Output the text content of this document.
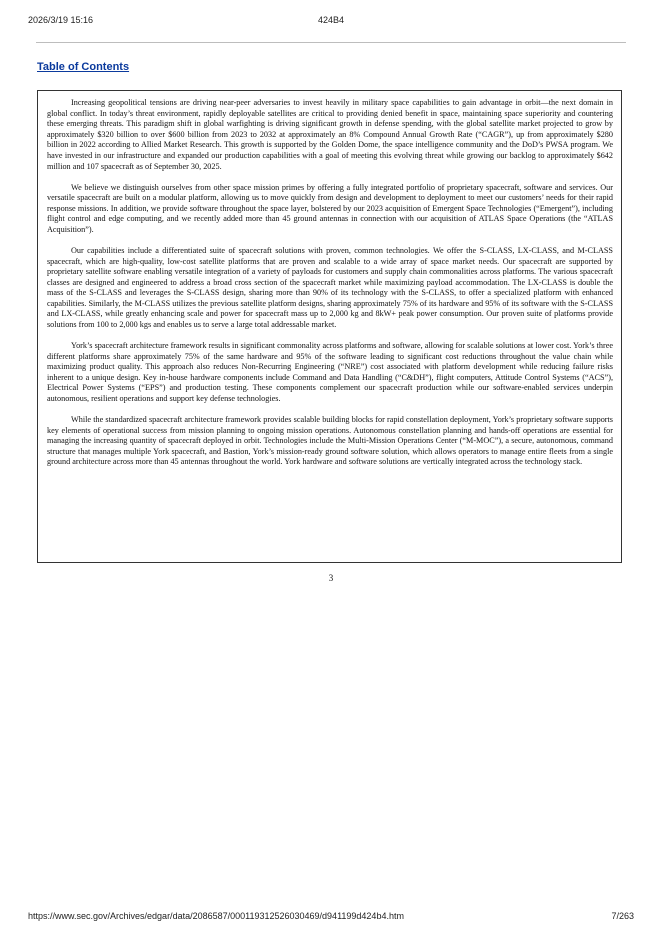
2026/3/19 15:16	424B4
Table of Contents

Increasing geopolitical tensions are driving near-peer adversaries to invest heavily in military space capabilities to gain advantage in orbit—the next domain in global conflict. In today’s threat environment, rapidly deployable satellites are critical to providing denied benefit in space, maintaining space superiority and countering these emerging threats. This paradigm shift in global warfighting is driving significant growth in defense spending, with the global satellite market projected to grow by approximately $320 billion to over $600 billion from 2023 to 2032 at approximately an 8% Compound Annual Growth Rate (“CAGR”), up from approximately $280 billion in 2022 according to Allied Market Research. This growth is supported by the Golden Dome, the space intelligence community and the DoD’s PWSA program. We have invested in our infrastructure and expanded our production capabilities with a goal of meeting this evolving threat while growing our backlog to approximately $642 million and 107 spacecraft as of September 30, 2025.

We believe we distinguish ourselves from other space mission primes by offering a fully integrated portfolio of proprietary spacecraft, software and services. Our versatile spacecraft are built on a modular platform, allowing us to move quickly from design and development to deployment to meet our customers’ needs for their rapid response missions. In addition, we provide software throughout the space layer, bolstered by our 2023 acquisition of Emergent Space Technologies (“Emergent”), including flight control and edge computing, and we recently added more than 45 ground antennas in connection with our acquisition of ATLAS Space Operations (the “ATLAS Acquisition”).

Our capabilities include a differentiated suite of spacecraft solutions with proven, common technologies. We offer the S-CLASS, LX-CLASS, and M-CLASS spacecraft, which are high-quality, low-cost satellite platforms that are proven and scalable to a wide array of space market needs. Our spacecraft are supported by proprietary satellite software enabling versatile integration of a variety of payloads for customers and supply chain commonalities across platforms. The various spacecraft classes are designed and engineered to address a broad cross section of the spacecraft market while maximizing payload accommodation. The LX-CLASS is double the mass of the S-CLASS and leverages the S-CLASS design, sharing more than 90% of its technology with the S-CLASS, to offer a specialized platform with enhanced capabilities. Similarly, the M-CLASS utilizes the previous satellite platform designs, sharing approximately 75% of its hardware and 95% of its software with the S-CLASS and LX-CLASS, while greatly enhancing scale and power for spacecraft mass up to 2,000 kg and 8kW+ peak power consumption. Our proven suite of platforms provide solutions from 100 to 2,000 kgs and enables us to serve a large total addressable market.

York’s spacecraft architecture framework results in significant commonality across platforms and software, allowing for scalable solutions at lower cost. York’s three different platforms share approximately 75% of the same hardware and 95% of the software leading to significant cost reductions throughout the value chain while maximizing product quality. This approach also reduces Non-Recurring Engineering (“NRE”) cost associated with platform development while reducing failure risks inherent to a unique design. Key in-house hardware components include Command and Data Handling (“C&DH”), flight computers, Attitude Control Systems (“ACS”), Electrical Power Systems (“EPS”) and production testing. These components complement our spacecraft production while our software-enabled services underpin autonomous, resilient operations and support key defense technologies.

While the standardized spacecraft architecture framework provides scalable building blocks for rapid constellation deployment, York’s proprietary software supports key elements of operational success from mission planning to ongoing mission operations. Autonomous constellation planning and hands-off operations are essential for managing the increasing quantity of spacecraft deployed in orbit. Technologies include the Multi-Mission Operations Center (“M-MOC”), a secure, autonomous, command structure that manages multiple York spacecraft, and Bastion, York’s mission-ready ground software solution, which allows operators to manage entire fleets from a single ground architecture across more than 45 antennas throughout the world. York hardware and software solutions are vertically integrated across the technology stack.

3
https://www.sec.gov/Archives/edgar/data/2086587/000119312526030469/d941199d424b4.htm	7/263
